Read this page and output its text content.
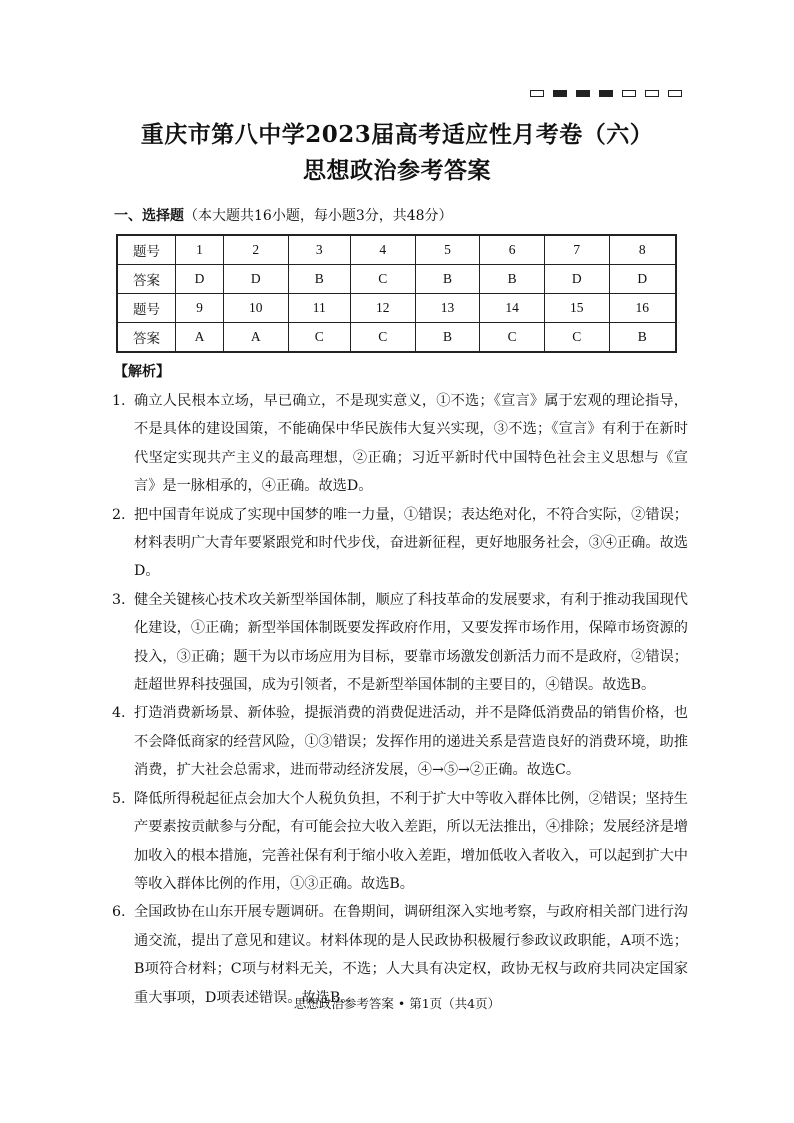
重庆市第八中学2023届高考适应性月考卷（六）
思想政治参考答案
一、选择题（本大题共16小题，每小题3分，共48分）
题号	1	2	3	4	5	6	7	8
答案	D	D	B	C	B	B	D	D
题号	9	10	11	12	13	14	15	16
答案	A	A	C	C	B	C	C	B
【解析】
1. 确立人民根本立场，早已确立，不是现实意义，①不选；《宣言》属于宏观的理论指导，不是具体的建设国策，不能确保中华民族伟大复兴实现，③不选；《宣言》有利于在新时代坚定实现共产主义的最高理想，②正确；习近平新时代中国特色社会主义思想与《宣言》是一脉相承的，④正确。故选D。
2. 把中国青年说成了实现中国梦的唯一力量，①错误；表达绝对化，不符合实际，②错误；材料表明广大青年要紧跟党和时代步伐，奋进新征程，更好地服务社会，③④正确。故选D。
3. 健全关键核心技术攻关新型举国体制，顺应了科技革命的发展要求，有利于推动我国现代化建设，①正确；新型举国体制既要发挥政府作用，又要发挥市场作用，保障市场资源的投入，③正确；题干为以市场应用为目标，要靠市场激发创新活力而不是政府，②错误；赶超世界科技强国，成为引领者，不是新型举国体制的主要目的，④错误。故选B。
4. 打造消费新场景、新体验，提振消费的消费促进活动，并不是降低消费品的销售价格，也不会降低商家的经营风险，①③错误；发挥作用的递进关系是营造良好的消费环境，助推消费，扩大社会总需求，进而带动经济发展，④→⑤→②正确。故选C。
5. 降低所得税起征点会加大个人税负负担，不利于扩大中等收入群体比例，②错误；坚持生产要素按贡献参与分配，有可能会拉大收入差距，所以无法推出，④排除；发展经济是增加收入的根本措施，完善社保有利于缩小收入差距，增加低收入者收入，可以起到扩大中等收入群体比例的作用，①③正确。故选B。
6. 全国政协在山东开展专题调研。在鲁期间，调研组深入实地考察，与政府相关部门进行沟通交流，提出了意见和建议。材料体现的是人民政协积极履行参政议政职能，A项不选；B项符合材料；C项与材料无关，不选；人大具有决定权，政协无权与政府共同决定国家重大事项，D项表述错误。故选B。
思想政治参考答案 • 第1页（共4页）
